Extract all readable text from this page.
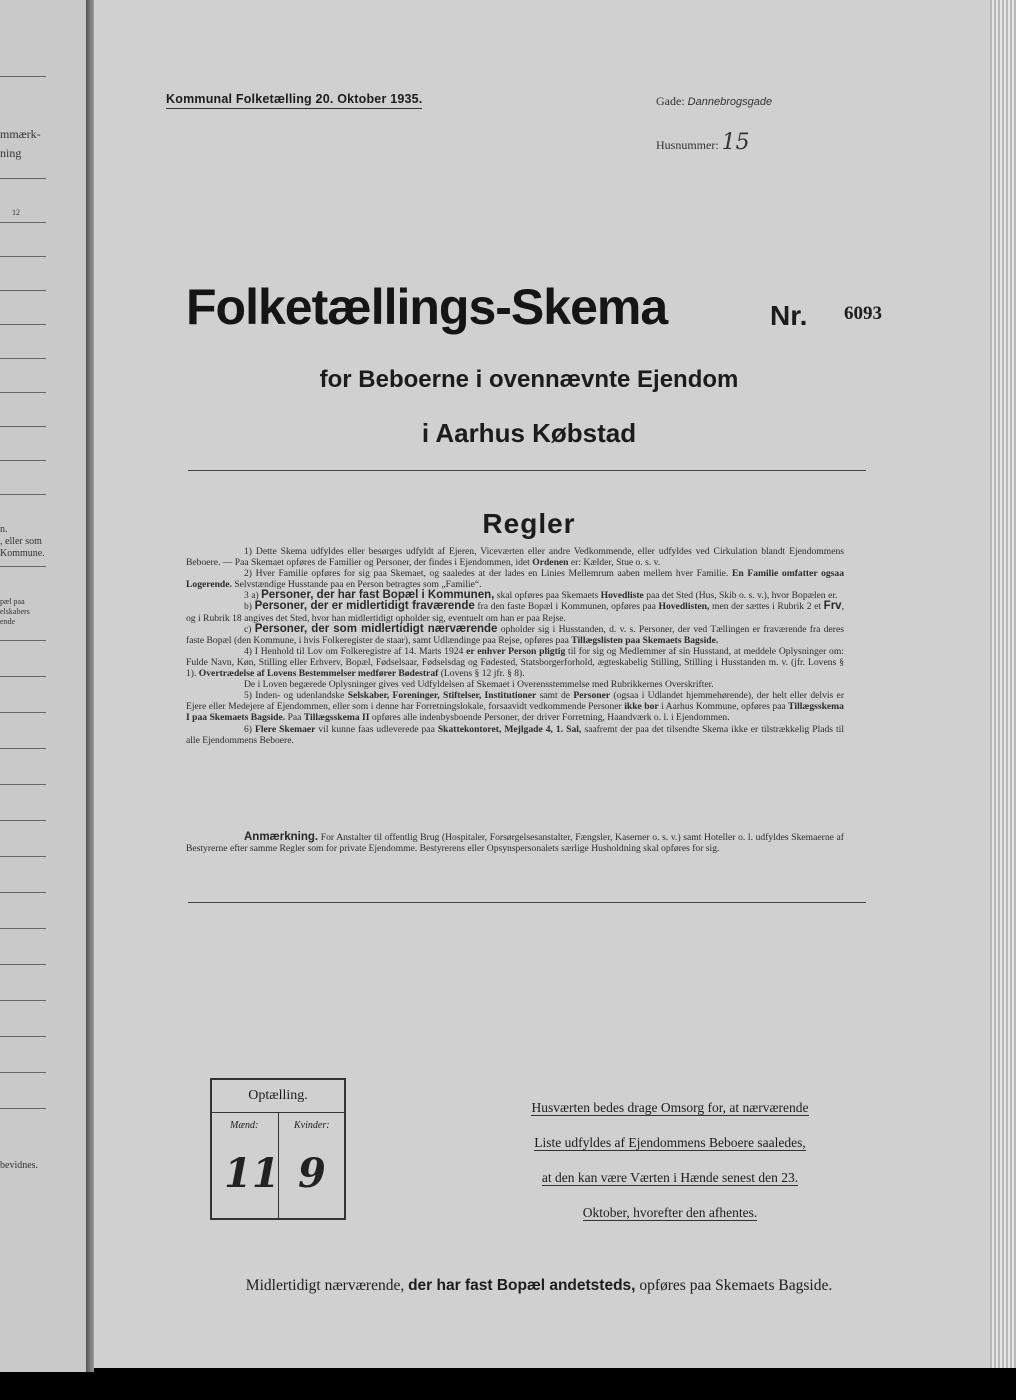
mmærk-
ning
12
n.
, eller som
Kommune.
pæl paa
elskabers
ende
bevidnes.
Kommunal Folketælling 20. Oktober 1935.	Gade: Dannebrogsgade
Husnummer: 15
Folketællings-Skema	Nr. 6093
for Beboerne i ovennævnte Ejendom
i Aarhus Købstad
Regler

1) Dette Skema udfyldes eller besørges udfyldt af Ejeren, Viceværten eller andre Vedkommende, eller udfyldes ved Cirkulation blandt Ejendommens Beboere. — Paa Skemaet opføres de Familier og Personer, der findes i Ejendommen, idet Ordenen er: Kælder, Stue o. s. v.

2) Hver Familie opføres for sig paa Skemaet, og saaledes at der lades en Linies Mellemrum aaben mellem hver Familie. En Familie omfatter ogsaa Logerende. Selvstændige Husstande paa en Person betragtes som „Familie“.

3 a) Personer, der har fast Bopæl i Kommunen, skal opføres paa Skemaets Hovedliste paa det Sted (Hus, Skib o. s. v.), hvor Bopælen er.

b) Personer, der er midlertidigt fraværende fra den faste Bopæl i Kommunen, opføres paa Hovedlisten, men der sættes i Rubrik 2 et Frv, og i Rubrik 18 angives det Sted, hvor han midlertidigt opholder sig, eventuelt om han er paa Rejse.

c) Personer, der som midlertidigt nærværende opholder sig i Husstanden, d. v. s. Personer, der ved Tællingen er fraværende fra deres faste Bopæl (den Kommune, i hvis Folkeregister de staar), samt Udlændinge paa Rejse, opføres paa Tillægslisten paa Skemaets Bagside.

4) I Henhold til Lov om Folkeregistre af 14. Marts 1924 er enhver Person pligtig til for sig og Medlemmer af sin Husstand, at meddele Oplysninger om: Fulde Navn, Køn, Stilling eller Erhverv, Bopæl, Fødselsaar, Fødselsdag og Fødested, Statsborgerforhold, ægteskabelig Stilling, Stilling i Husstanden m. v. (jfr. Lovens § 1). Overtrædelse af Lovens Bestemmelser medfører Bødestraf (Lovens § 12 jfr. § 8).

De i Loven begærede Oplysninger gives ved Udfyldelsen af Skemaet i Overensstemmelse med Rubrikkernes Overskrifter.

5) Inden- og udenlandske Selskaber, Foreninger, Stiftelser, Institutioner samt de Personer (ogsaa i Udlandet hjemmehørende), der helt eller delvis er Ejere eller Medejere af Ejendommen, eller som i denne har Forretningslokale, forsaavidt vedkommende Personer ikke bor i Aarhus Kommune, opføres paa Tillægsskema I paa Skemaets Bagside. Paa Tillægsskema II opføres alle indenbysboende Personer, der driver Forretning, Haandværk o. l. i Ejendommen.

6) Flere Skemaer vil kunne faas udleverede paa Skattekontoret, Mejlgade 4, 1. Sal, saafremt der paa det tilsendte Skema ikke er tilstrækkelig Plads til alle Ejendommens Beboere.

Anmærkning. For Anstalter til offentlig Brug (Hospitaler, Forsørgelsesanstalter, Fængsler, Kaserner o. s. v.) samt Hoteller o. l. udfyldes Skemaerne af Bestyrerne efter samme Regler som for private Ejendomme. Bestyrerens eller Opsynspersonalets særlige Husholdning skal opføres for sig.
Optælling.
Mænd:	Kvinder:
11 9
Husværten bedes drage Omsorg for, at nærværende
Liste udfyldes af Ejendommens Beboere saaledes,
at den kan være Værten i Hænde senest den 23.
Oktober, hvorefter den afhentes.
Midlertidigt nærværende, der har fast Bopæl andetsteds, opføres paa Skemaets Bagside.
